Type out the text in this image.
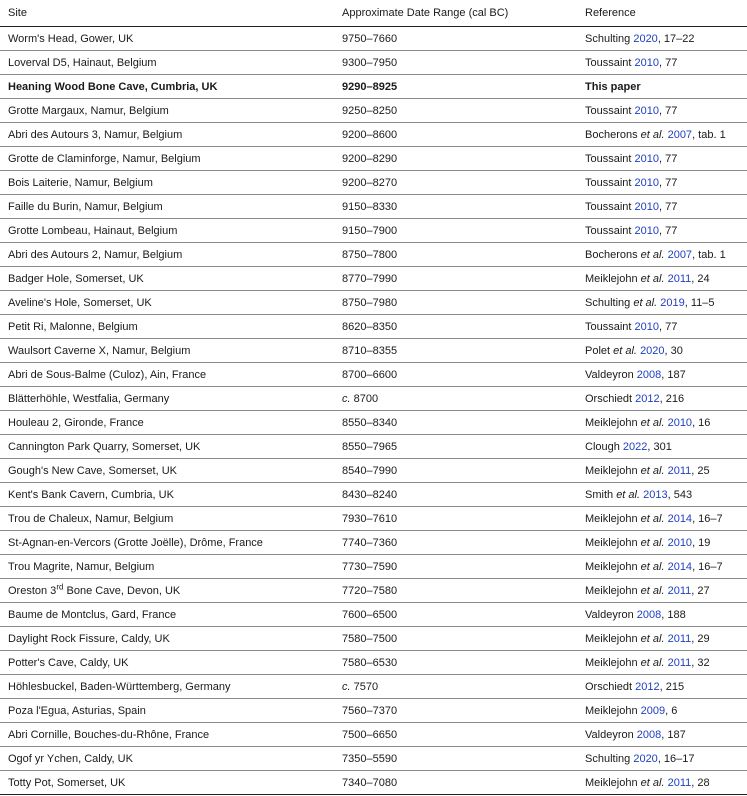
Site	Approximate Date Range (cal BC)	Reference
Worm's Head, Gower, UK	9750–7660	Schulting 2020, 17–22
Loverval D5, Hainaut, Belgium	9300–7950	Toussaint 2010, 77
Heaning Wood Bone Cave, Cumbria, UK	9290–8925	This paper
Grotte Margaux, Namur, Belgium	9250–8250	Toussaint 2010, 77
Abri des Autours 3, Namur, Belgium	9200–8600	Bocherons et al. 2007, tab. 1
Grotte de Claminforge, Namur, Belgium	9200–8290	Toussaint 2010, 77
Bois Laiterie, Namur, Belgium	9200–8270	Toussaint 2010, 77
Faille du Burin, Namur, Belgium	9150–8330	Toussaint 2010, 77
Grotte Lombeau, Hainaut, Belgium	9150–7900	Toussaint 2010, 77
Abri des Autours 2, Namur, Belgium	8750–7800	Bocherons et al. 2007, tab. 1
Badger Hole, Somerset, UK	8770–7990	Meiklejohn et al. 2011, 24
Aveline's Hole, Somerset, UK	8750–7980	Schulting et al. 2019, 11–5
Petit Ri, Malonne, Belgium	8620–8350	Toussaint 2010, 77
Waulsort Caverne X, Namur, Belgium	8710–8355	Polet et al. 2020, 30
Abri de Sous-Balme (Culoz), Ain, France	8700–6600	Valdeyron 2008, 187
Blätterhöhle, Westfalia, Germany	c. 8700	Orschiedt 2012, 216
Houleau 2, Gironde, France	8550–8340	Meiklejohn et al. 2010, 16
Cannington Park Quarry, Somerset, UK	8550–7965	Clough 2022, 301
Gough's New Cave, Somerset, UK	8540–7990	Meiklejohn et al. 2011, 25
Kent's Bank Cavern, Cumbria, UK	8430–8240	Smith et al. 2013, 543
Trou de Chaleux, Namur, Belgium	7930–7610	Meiklejohn et al. 2014, 16–7
St-Agnan-en-Vercors (Grotte Joëlle), Drôme, France	7740–7360	Meiklejohn et al. 2010, 19
Trou Magrite, Namur, Belgium	7730–7590	Meiklejohn et al. 2014, 16–7
Oreston 3rd Bone Cave, Devon, UK	7720–7580	Meiklejohn et al. 2011, 27
Baume de Montclus, Gard, France	7600–6500	Valdeyron 2008, 188
Daylight Rock Fissure, Caldy, UK	7580–7500	Meiklejohn et al. 2011, 29
Potter's Cave, Caldy, UK	7580–6530	Meiklejohn et al. 2011, 32
Höhlesbuckel, Baden-Württemberg, Germany	c. 7570	Orschiedt 2012, 215
Poza l'Egua, Asturias, Spain	7560–7370	Meiklejohn 2009, 6
Abri Cornille, Bouches-du-Rhône, France	7500–6650	Valdeyron 2008, 187
Ogof yr Ychen, Caldy, UK	7350–5590	Schulting 2020, 16–17
Totty Pot, Somerset, UK	7340–7080	Meiklejohn et al. 2011, 28
